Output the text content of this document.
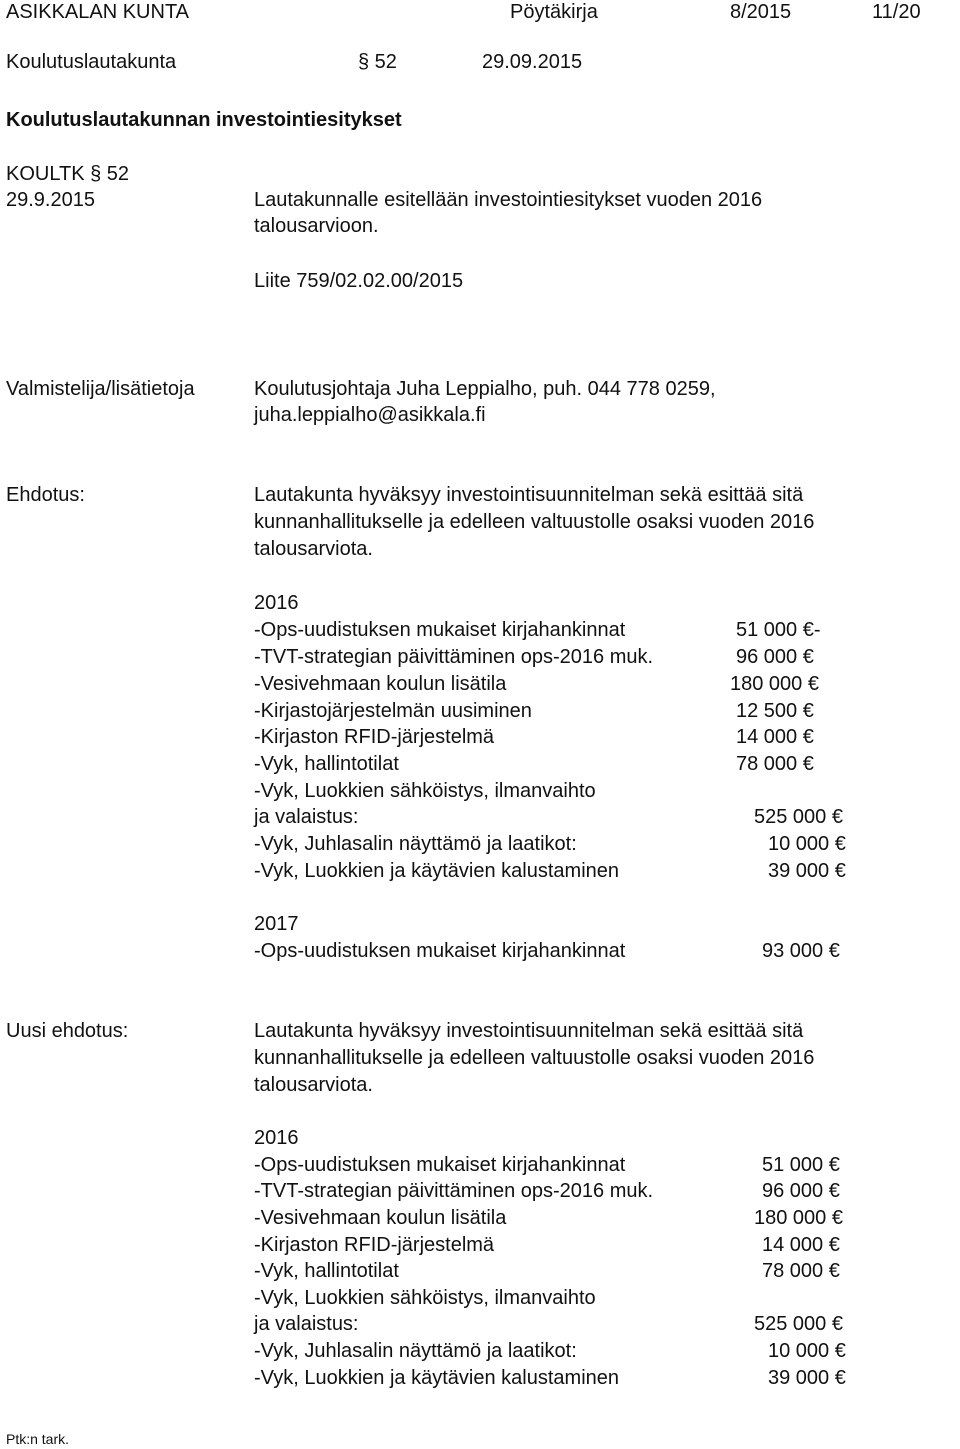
ASIKKALAN KUNTA	Pöytäkirja	8/2015	11/20
Koulutuslautakunta	§ 52	29.09.2015
Koulutuslautakunnan investointiesitykset
KOULTK § 52
29.9.2015	Lautakunnalle esitellään investointiesitykset vuoden 2016
talousarvioon.
Liite 759/02.02.00/2015
Valmistelija/lisätietoja	Koulutusjohtaja Juha Leppialho, puh. 044 778 0259,
juha.leppialho@asikkala.fi
Ehdotus:	Lautakunta hyväksyy investointisuunnitelman sekä esittää sitä
kunnanhallitukselle ja edelleen valtuustolle osaksi vuoden 2016
talousarviota.
2016
-Ops-uudistuksen mukaiset kirjahankinnat	51 000 €-
-TVT-strategian päivittäminen ops-2016 muk.	96 000 €
-Vesivehmaan koulun lisätila	180 000 €
-Kirjastojärjestelmän uusiminen	12 500 €
-Kirjaston RFID-järjestelmä	14 000 €
-Vyk, hallintotilat	78 000 €
-Vyk, Luokkien sähköistys, ilmanvaihto
ja valaistus:	525 000 €
-Vyk, Juhlasalin näyttämö ja laatikot:	10 000 €
-Vyk, Luokkien ja käytävien kalustaminen	39 000 €
2017
-Ops-uudistuksen mukaiset kirjahankinnat	93 000 €
Uusi ehdotus:	Lautakunta hyväksyy investointisuunnitelman sekä esittää sitä
kunnanhallitukselle ja edelleen valtuustolle osaksi vuoden 2016
talousarviota.
2016
-Ops-uudistuksen mukaiset kirjahankinnat	51 000 €
-TVT-strategian päivittäminen ops-2016 muk.	96 000 €
-Vesivehmaan koulun lisätila	180 000 €
-Kirjaston RFID-järjestelmä	14 000 €
-Vyk, hallintotilat	78 000 €
-Vyk, Luokkien sähköistys, ilmanvaihto
ja valaistus:	525 000 €
-Vyk, Juhlasalin näyttämö ja laatikot:	10 000 €
-Vyk, Luokkien ja käytävien kalustaminen	39 000 €
Ptk:n tark.
